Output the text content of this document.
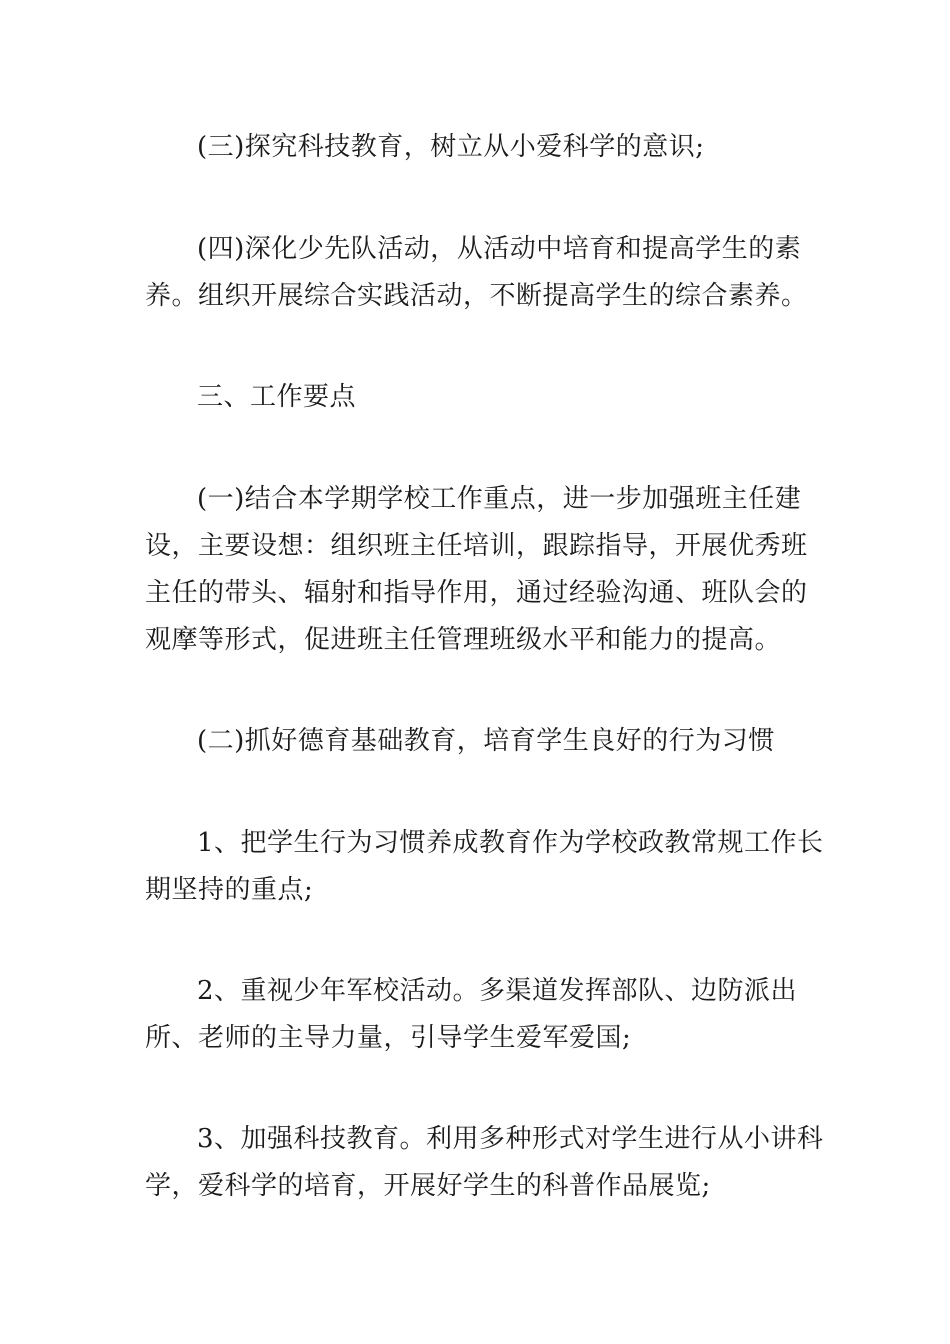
(三)探究科技教育，树立从小爱科学的意识;

(四)深化少先队活动，从活动中培育和提高学生的素养。组织开展综合实践活动，不断提高学生的综合素养。

三、工作要点

(一)结合本学期学校工作重点，进一步加强班主任建设，主要设想：组织班主任培训，跟踪指导，开展优秀班主任的带头、辐射和指导作用，通过经验沟通、班队会的观摩等形式，促进班主任管理班级水平和能力的提高。

(二)抓好德育基础教育，培育学生良好的行为习惯

1、把学生行为习惯养成教育作为学校政教常规工作长期坚持的重点;

2、重视少年军校活动。多渠道发挥部队、边防派出所、老师的主导力量，引导学生爱军爱国;

3、加强科技教育。利用多种形式对学生进行从小讲科学，爱科学的培育，开展好学生的科普作品展览;
